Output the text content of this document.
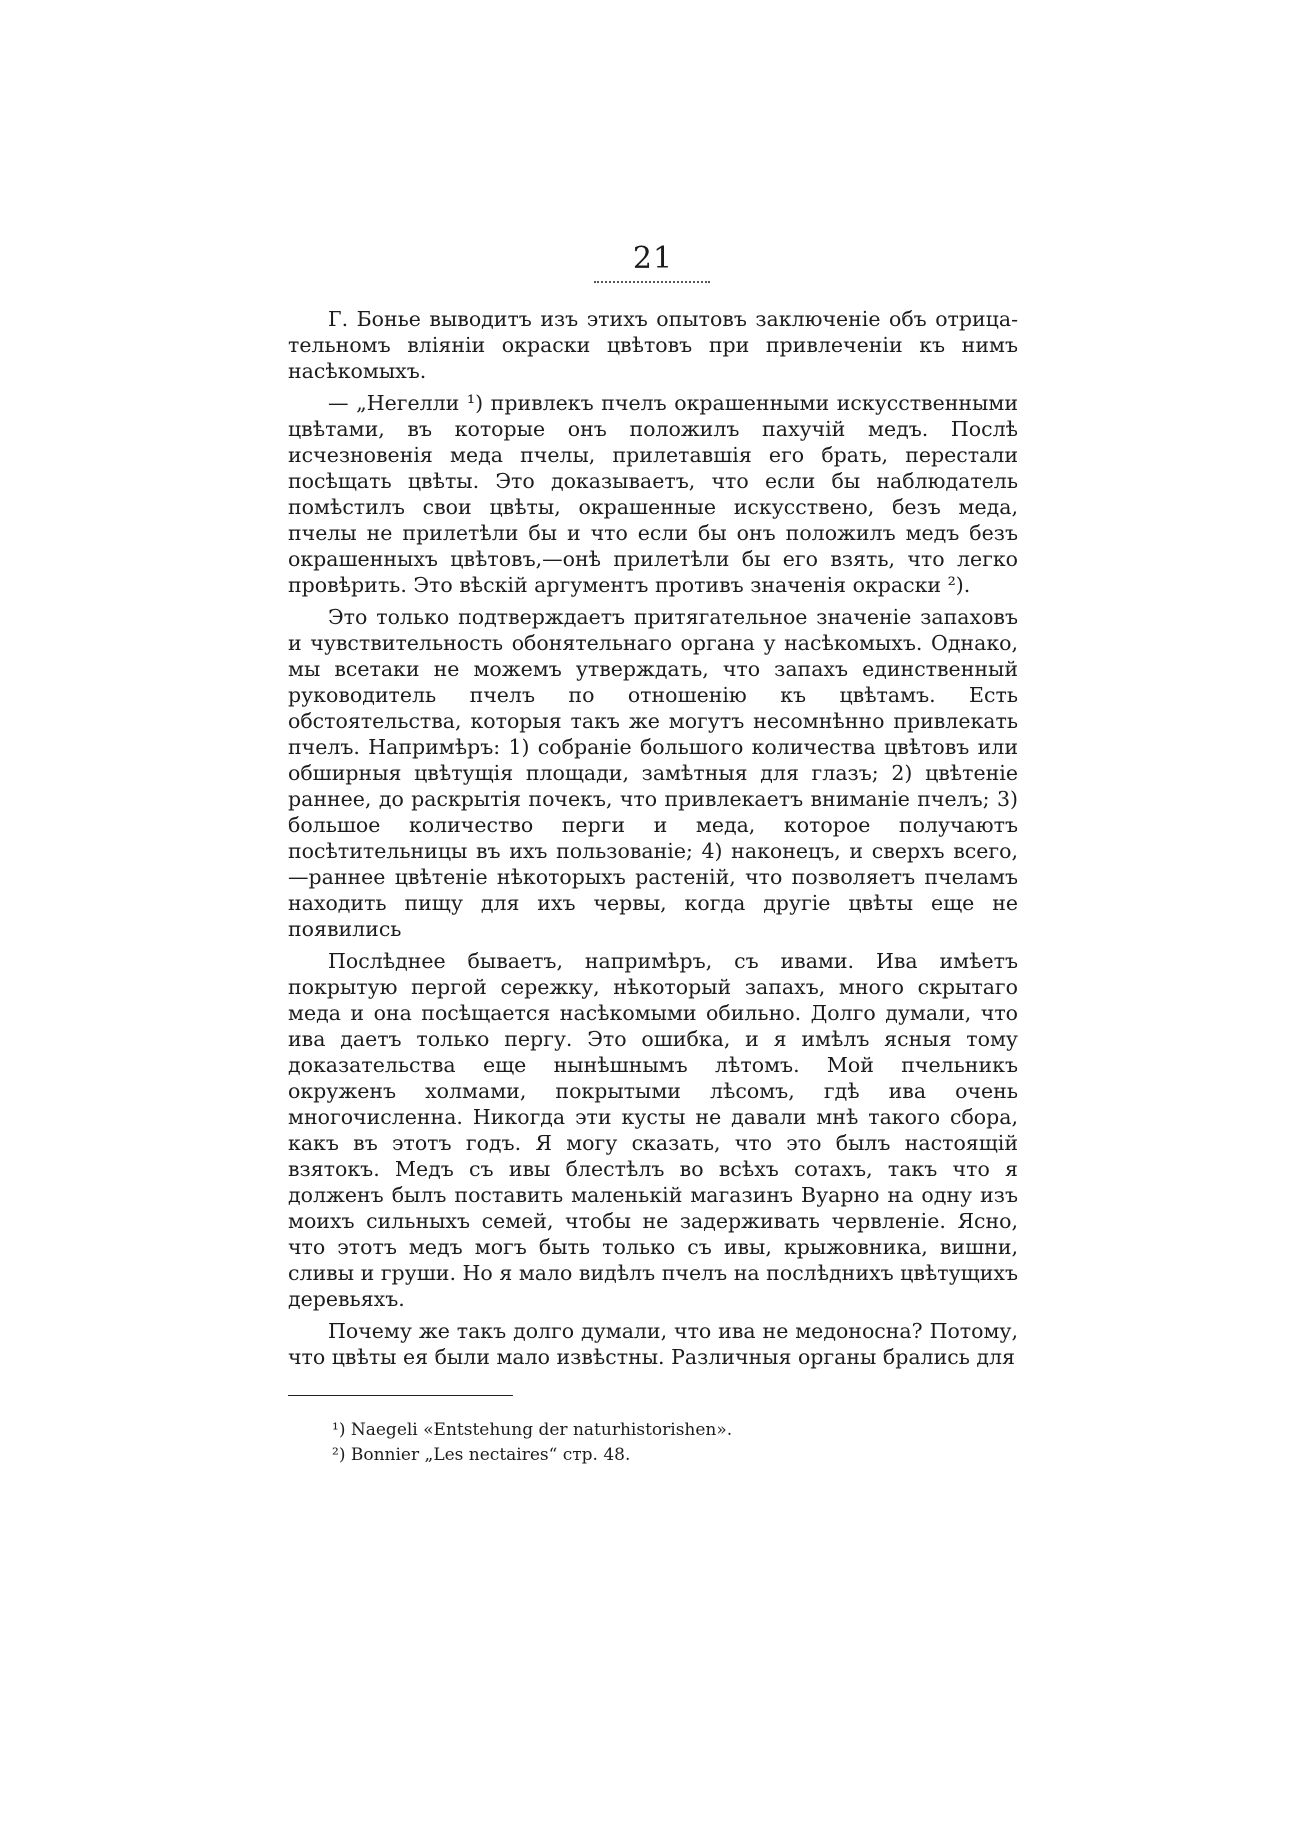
21

Г. Бонье выводитъ изъ этихъ опытовъ заключеніе объ отрицательномъ вліяніи окраски цвѣтовъ при привлеченіи къ нимъ насѣкомыхъ.

— „Негелли ¹) привлекъ пчелъ окрашенными искусственными цвѣтами, въ которые онъ положилъ пахучій медъ. Послѣ исчезновенія меда пчелы, прилетавшія его брать, перестали посѣщать цвѣты. Это доказываетъ, что если бы наблюдатель помѣстилъ свои цвѣты, окрашенные искусствено, безъ меда, пчелы не прилетѣли бы и что если бы онъ положилъ медъ безъ окрашенныхъ цвѣтовъ,—онѣ прилетѣли бы его взять, что легко провѣрить. Это вѣскій аргументъ противъ значенія окраски ²).

Это только подтверждаетъ притягательное значеніе запаховъ и чувствительность обонятельнаго органа у насѣкомыхъ. Однако, мы всетаки не можемъ утверждать, что запахъ единственный руководитель пчелъ по отношенію къ цвѣтамъ. Есть обстоятельства, которыя такъ же могутъ несомнѣнно привлекать пчелъ. Напримѣръ: 1) собраніе большого количества цвѣтовъ или обширныя цвѣтущія площади, замѣтныя для глазъ; 2) цвѣтеніе раннее, до раскрытія почекъ, что привлекаетъ вниманіе пчелъ; 3) большое количество перги и меда, которое получаютъ посѣтительницы въ ихъ пользованіе; 4) наконецъ, и сверхъ всего,—раннее цвѣтеніе нѣкоторыхъ растеній, что позволяетъ пчеламъ находить пищу для ихъ червы, когда другіе цвѣты еще не появились

Послѣднее бываетъ, напримѣръ, съ ивами. Ива имѣетъ покрытую пергой сережку, нѣкоторый запахъ, много скрытаго меда и она посѣщается насѣкомыми обильно. Долго думали, что ива даетъ только пергу. Это ошибка, и я имѣлъ ясныя тому доказательства еще нынѣшнымъ лѣтомъ. Мой пчельникъ окруженъ холмами, покрытыми лѣсомъ, гдѣ ива очень многочисленна. Никогда эти кусты не давали мнѣ такого сбора, какъ въ этотъ годъ. Я могу сказать, что это былъ настоящій взятокъ. Медъ съ ивы блестѣлъ во всѣхъ сотахъ, такъ что я долженъ былъ поставить маленькій магазинъ Вуарно на одну изъ моихъ сильныхъ семей, чтобы не задерживать червленіе. Ясно, что этотъ медъ могъ быть только съ ивы, крыжовника, вишни, сливы и груши. Но я мало видѣлъ пчелъ на послѣднихъ цвѣтущихъ деревьяхъ.

Почему же такъ долго думали, что ива не медоносна? Потому, что цвѣты ея были мало извѣстны. Различныя органы брались для

¹) Naegeli «Entstehung der naturhistorishen».
²) Bonnier „Les nectaires“ стр. 48.
